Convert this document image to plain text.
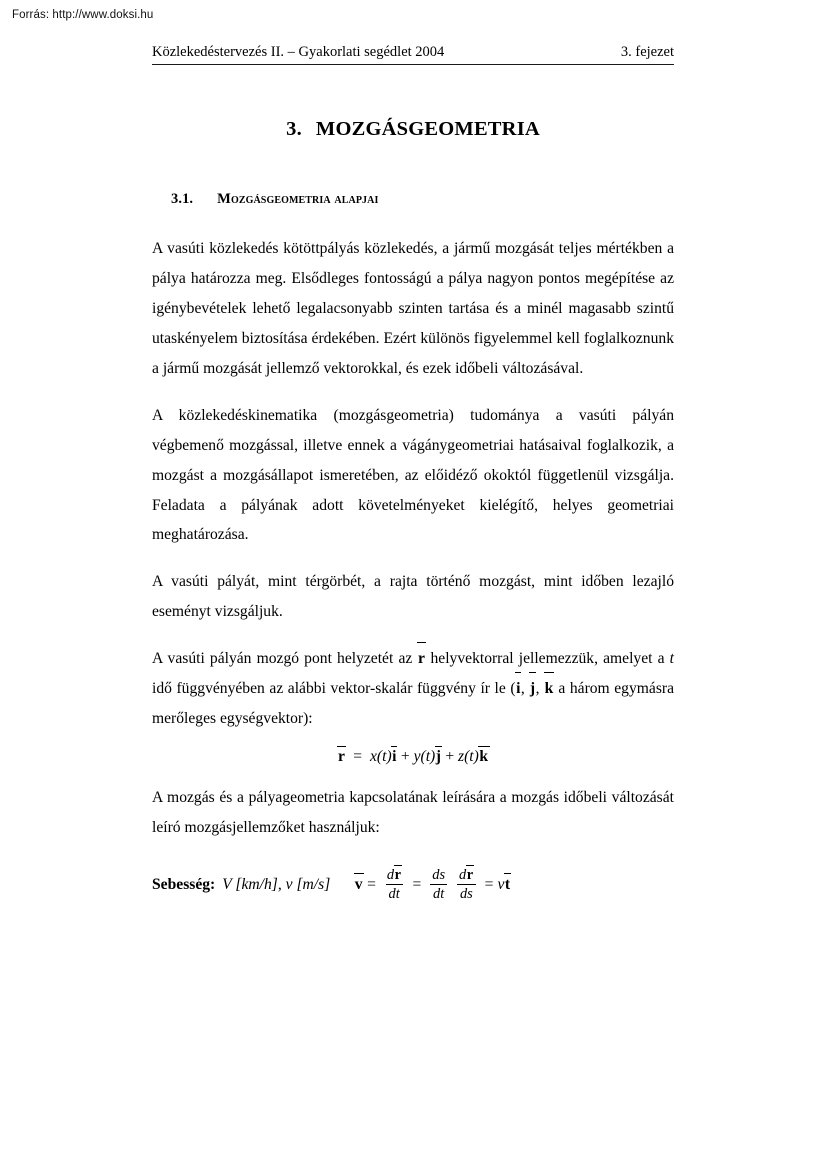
Forrás: http://www.doksi.hu
Közlekedéstervezés II. – Gyakorlati segédlet 2004	3. fejezet
3. MOZGÁSGEOMETRIA
3.1. Mozgásgeometria alapjai

A vasúti közlekedés kötöttpályás közlekedés, a jármű mozgását teljes mértékben a pálya határozza meg. Elsődleges fontosságú a pálya nagyon pontos megépítése az igénybevételek lehető legalacsonyabb szinten tartása és a minél magasabb szintű utaskényelem biztosítása érdekében. Ezért különös figyelemmel kell foglalkoznunk a jármű mozgását jellemző vektorokkal, és ezek időbeli változásával.

A közlekedéskinematika (mozgásgeometria) tudománya a vasúti pályán végbemenő mozgással, illetve ennek a vágánygeometriai hatásaival foglalkozik, a mozgást a mozgásállapot ismeretében, az előidéző okoktól függetlenül vizsgálja. Feladata a pályának adott követelményeket kielégítő, helyes geometriai meghatározása.

A vasúti pályát, mint térgörbét, a rajta történő mozgást, mint időben lezajló eseményt vizsgáljuk.

A vasúti pályán mozgó pont helyzetét az r helyvektorral jellemezzük, amelyet a t idő függvényében az alábbi vektor-skalár függvény ír le (i, j, k a három egymásra merőleges egységvektor):

r = x(t)i + y(t)j + z(t)k

A mozgás és a pályageometria kapcsolatának leírására a mozgás időbeli változását leíró mozgásjellemzőket használjuk:

Sebesség: V [km/h], v [m/s] $v = \frac{dr}{dt} = \frac{ds}{dt} \frac{dr}{ds} = v$ t
